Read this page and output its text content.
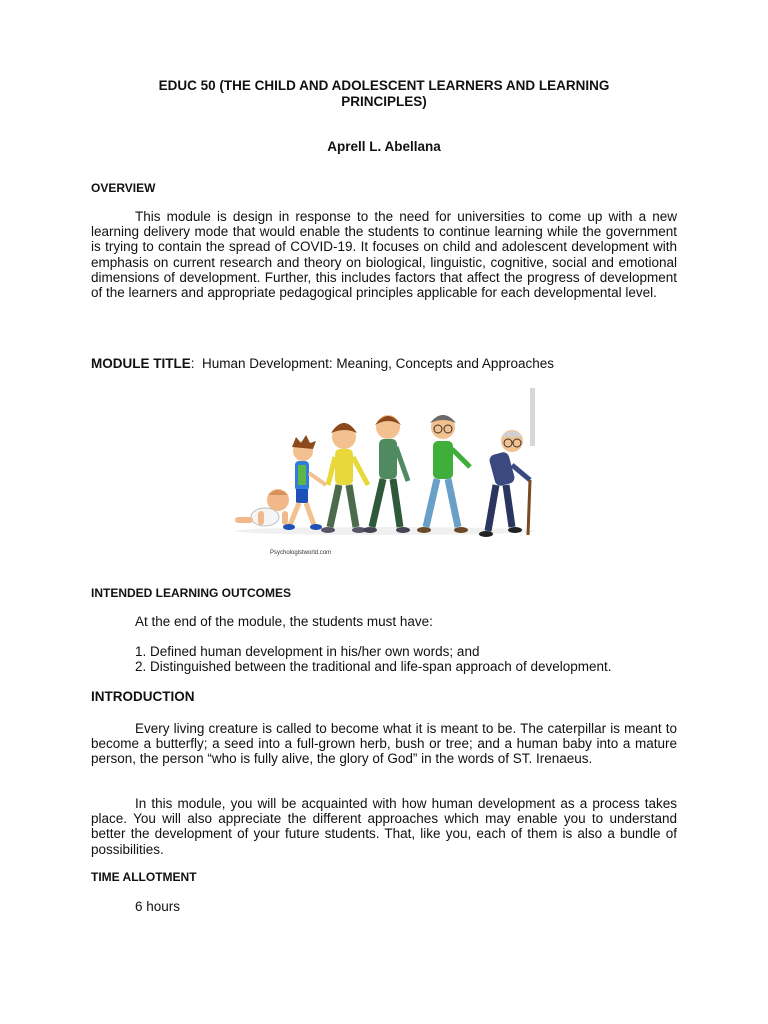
EDUC 50 (THE CHILD AND ADOLESCENT LEARNERS AND LEARNING PRINCIPLES)
Aprell L. Abellana
OVERVIEW
This module is design in response to the need for universities to come up with a new learning delivery mode that would enable the students to continue learning while the government is trying to contain the spread of COVID-19. It focuses on child and adolescent development with emphasis on current research and theory on biological, linguistic, cognitive, social and emotional dimensions of development. Further, this includes factors that affect the progress of development of the learners and appropriate pedagogical principles applicable for each developmental level.
MODULE TITLE:  Human Development: Meaning, Concepts and Approaches
Psychologistworld.com
INTENDED LEARNING OUTCOMES
At the end of the module, the students must have:
1. Defined human development in his/her own words; and
2. Distinguished between the traditional and life-span approach of development.
INTRODUCTION
Every living creature is called to become what it is meant to be. The caterpillar is meant to become a butterfly; a seed into a full-grown herb, bush or tree; and a human baby into a mature person, the person “who is fully alive, the glory of God” in the words of ST. Irenaeus.
In this module, you will be acquainted with how human development as a process takes place. You will also appreciate the different approaches which may enable you to understand better the development of your future students. That, like you, each of them is also a bundle of possibilities.
TIME ALLOTMENT
6 hours
